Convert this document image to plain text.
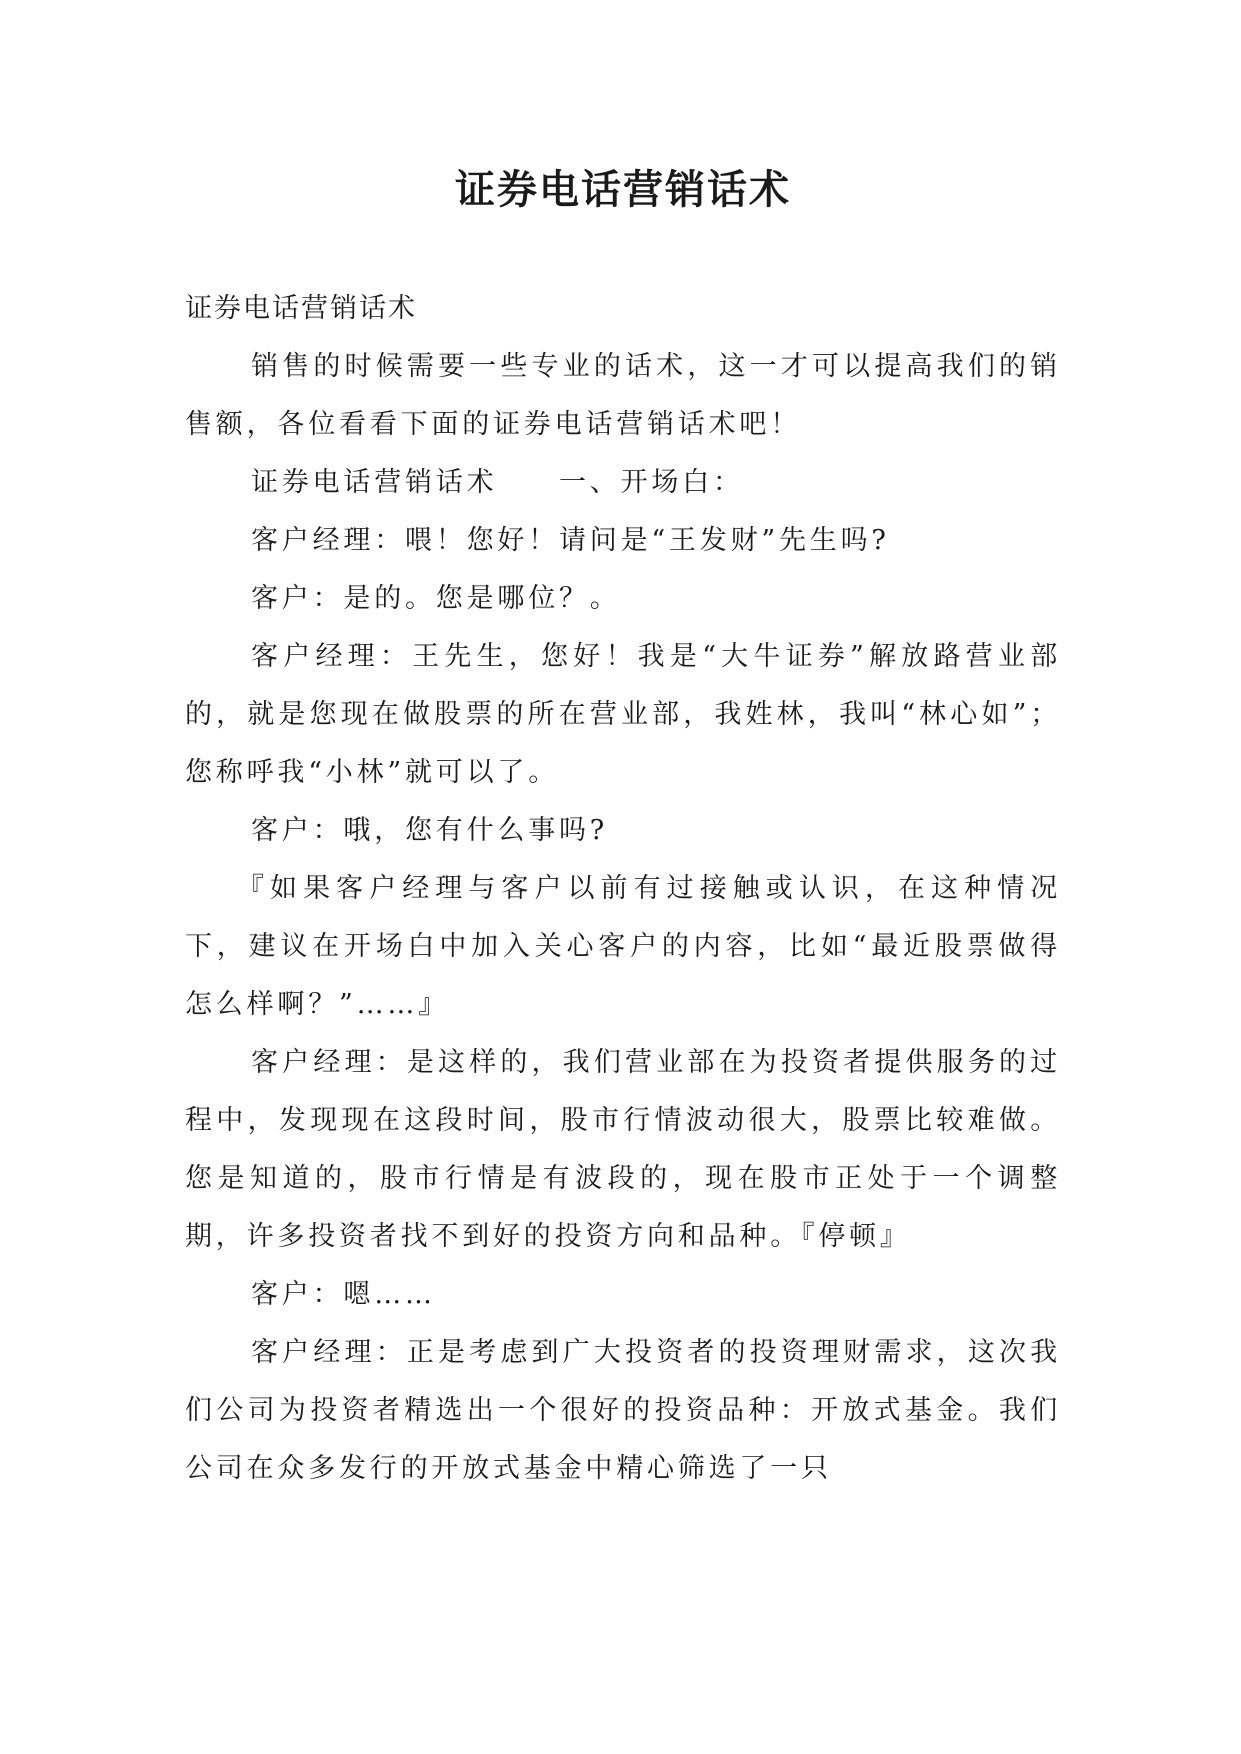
证券电话营销话术

证券电话营销话术

销售的时候需要一些专业的话术，这一才可以提高我们的销售额，各位看看下面的证券电话营销话术吧！

证券电话营销话术　　一、开场白：

客户经理：喂！您好！请问是“王发财”先生吗?

客户：是的。您是哪位？。

客户经理：王先生，您好！我是“大牛证券”解放路营业部的，就是您现在做股票的所在营业部，我姓林，我叫“林心如”；您称呼我“小林”就可以了。

客户：哦，您有什么事吗?

『如果客户经理与客户以前有过接触或认识，在这种情况下，建议在开场白中加入关心客户的内容，比如“最近股票做得怎么样啊？”……』

客户经理：是这样的，我们营业部在为投资者提供服务的过程中，发现现在这段时间，股市行情波动很大，股票比较难做。您是知道的，股市行情是有波段的，现在股市正处于一个调整期，许多投资者找不到好的投资方向和品种。『停顿』

客户：嗯……

客户经理：正是考虑到广大投资者的投资理财需求，这次我们公司为投资者精选出一个很好的投资品种：开放式基金。我们公司在众多发行的开放式基金中精心筛选了一只
